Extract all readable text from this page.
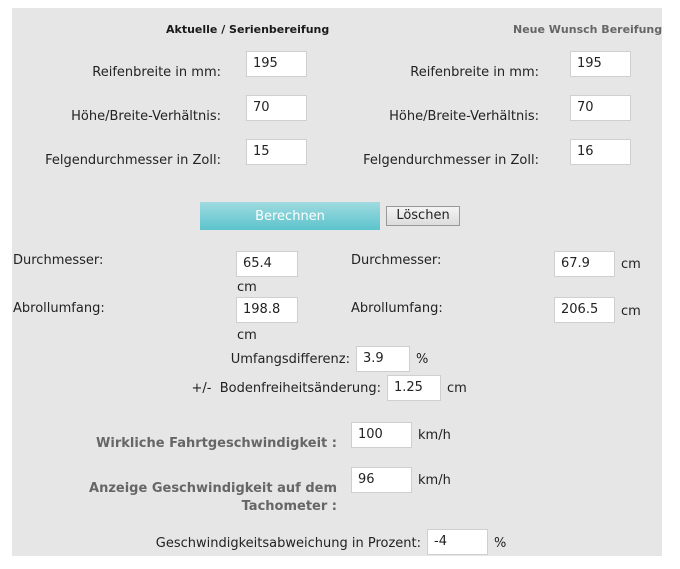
Aktuelle / Serienbereifung	Neue Wunsch Bereifung
Reifenbreite in mm:
195
Höhe/Breite-Verhältnis:
70
Felgendurchmesser in Zoll:
15
Reifenbreite in mm:
195
Höhe/Breite-Verhältnis:
70
Felgendurchmesser in Zoll:
16
Berechnen	Löschen
Durchmesser:	65.4
cm
Abrollumfang:	198.8
cm
Durchmesser:	67.9	cm
Abrollumfang:	206.5	cm
Umfangsdifferenz:	3.9	%
+/-  Bodenfreiheitsänderung:	1.25	cm
Wirkliche Fahrtgeschwindigkeit :
100	km/h
Anzeige Geschwindigkeit auf dem
Tachometer :
96	km/h
Geschwindigkeitsabweichung in Prozent:	-4	%
